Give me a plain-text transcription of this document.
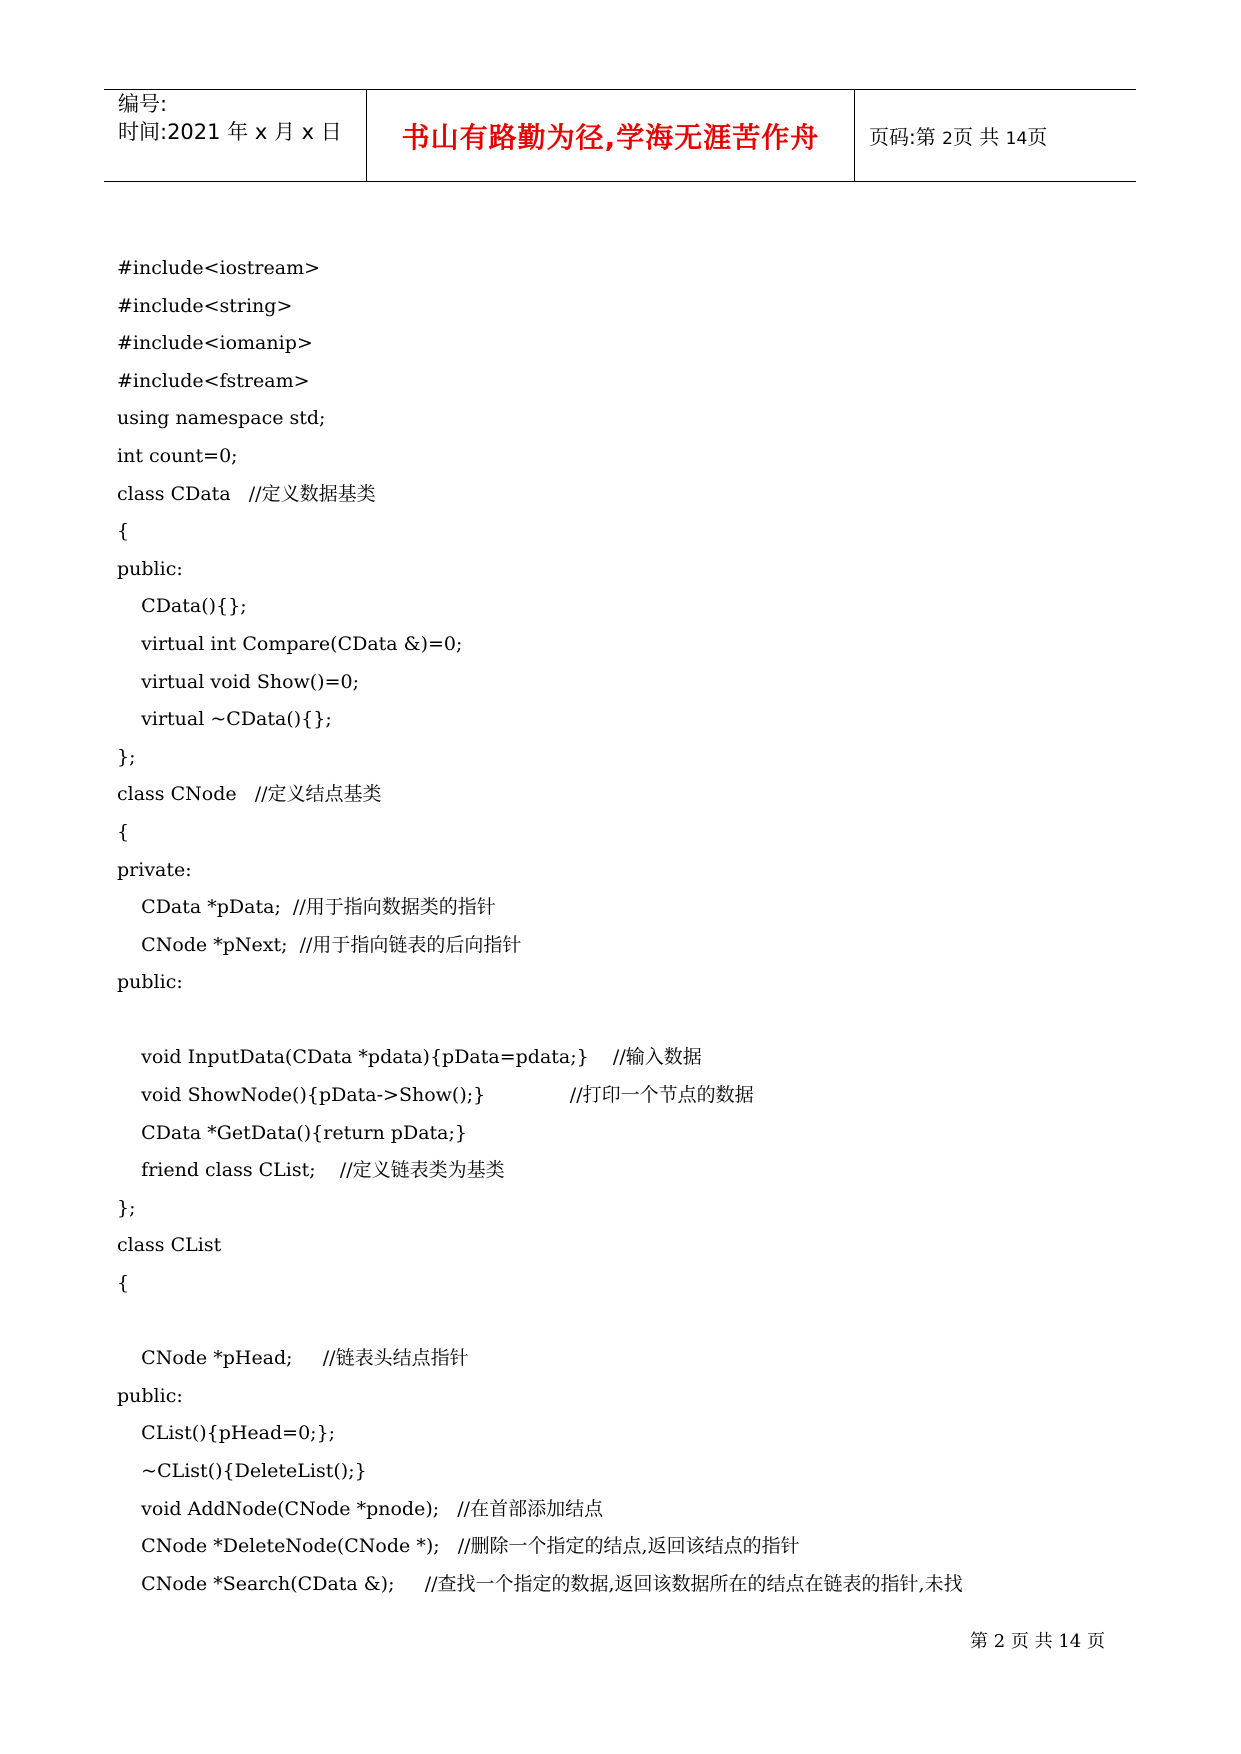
编号:
时间:2021 年 x 月 x 日 书山有路勤为径,学海无涯苦作舟 页码:第 2页 共 14页
#include<iostream>
#include<string>
#include<iomanip>
#include<fstream>
using namespace std;
int count=0;
class CData   //定义数据基类
{
public:
CData(){};
virtual int Compare(CData &)=0;
virtual void Show()=0;
virtual ~CData(){};
};
class CNode   //定义结点基类
{
private:
CData *pData;  //用于指向数据类的指针
CNode *pNext;  //用于指向链表的后向指针
public:
void InputData(CData *pdata){pData=pdata;}    //输入数据
void ShowNode(){pData->Show();}              //打印一个节点的数据
CData *GetData(){return pData;}
friend class CList;    //定义链表类为基类
};
class CList
{
CNode *pHead;     //链表头结点指针
public:
CList(){pHead=0;};
~CList(){DeleteList();}
void AddNode(CNode *pnode);   //在首部添加结点
CNode *DeleteNode(CNode *);   //删除一个指定的结点,返回该结点的指针
CNode *Search(CData &);     //查找一个指定的数据,返回该数据所在的结点在链表的指针,未找
第 2 页 共 14 页
